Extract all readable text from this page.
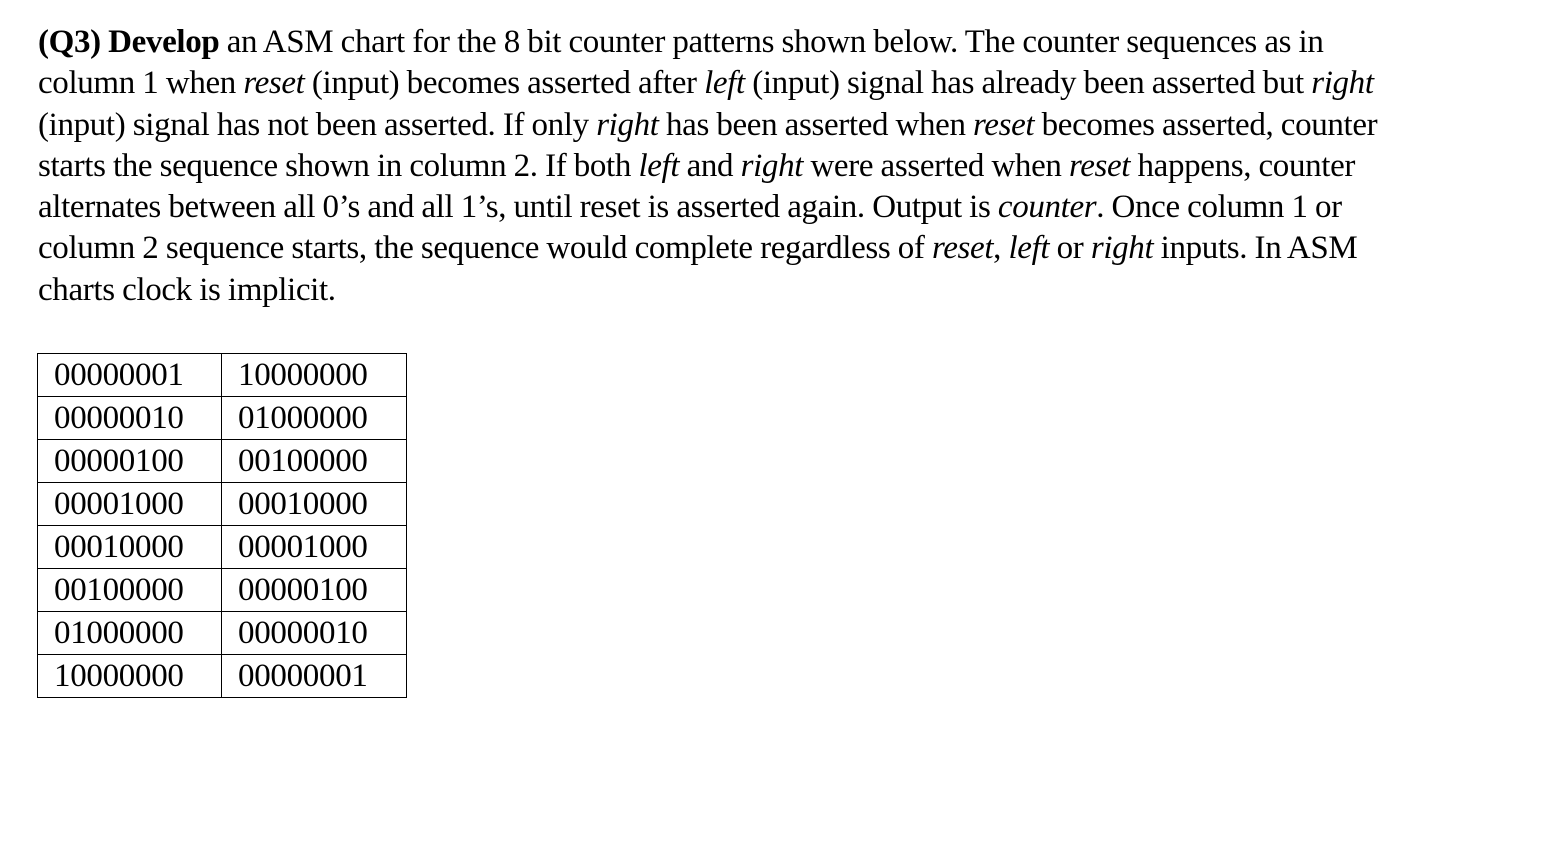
(Q3) Develop an ASM chart for the 8 bit counter patterns shown below. The counter sequences as in
column 1 when reset (input) becomes asserted after left (input) signal has already been asserted but right
(input) signal has not been asserted. If only right has been asserted when reset becomes asserted, counter
starts the sequence shown in column 2. If both left and right were asserted when reset happens, counter
alternates between all 0’s and all 1’s, until reset is asserted again. Output is counter. Once column 1 or
column 2 sequence starts, the sequence would complete regardless of reset, left or right inputs. In ASM
charts clock is implicit.
00000001	10000000
00000010	01000000
00000100	00100000
00001000	00010000
00010000	00001000
00100000	00000100
01000000	00000010
10000000	00000001
